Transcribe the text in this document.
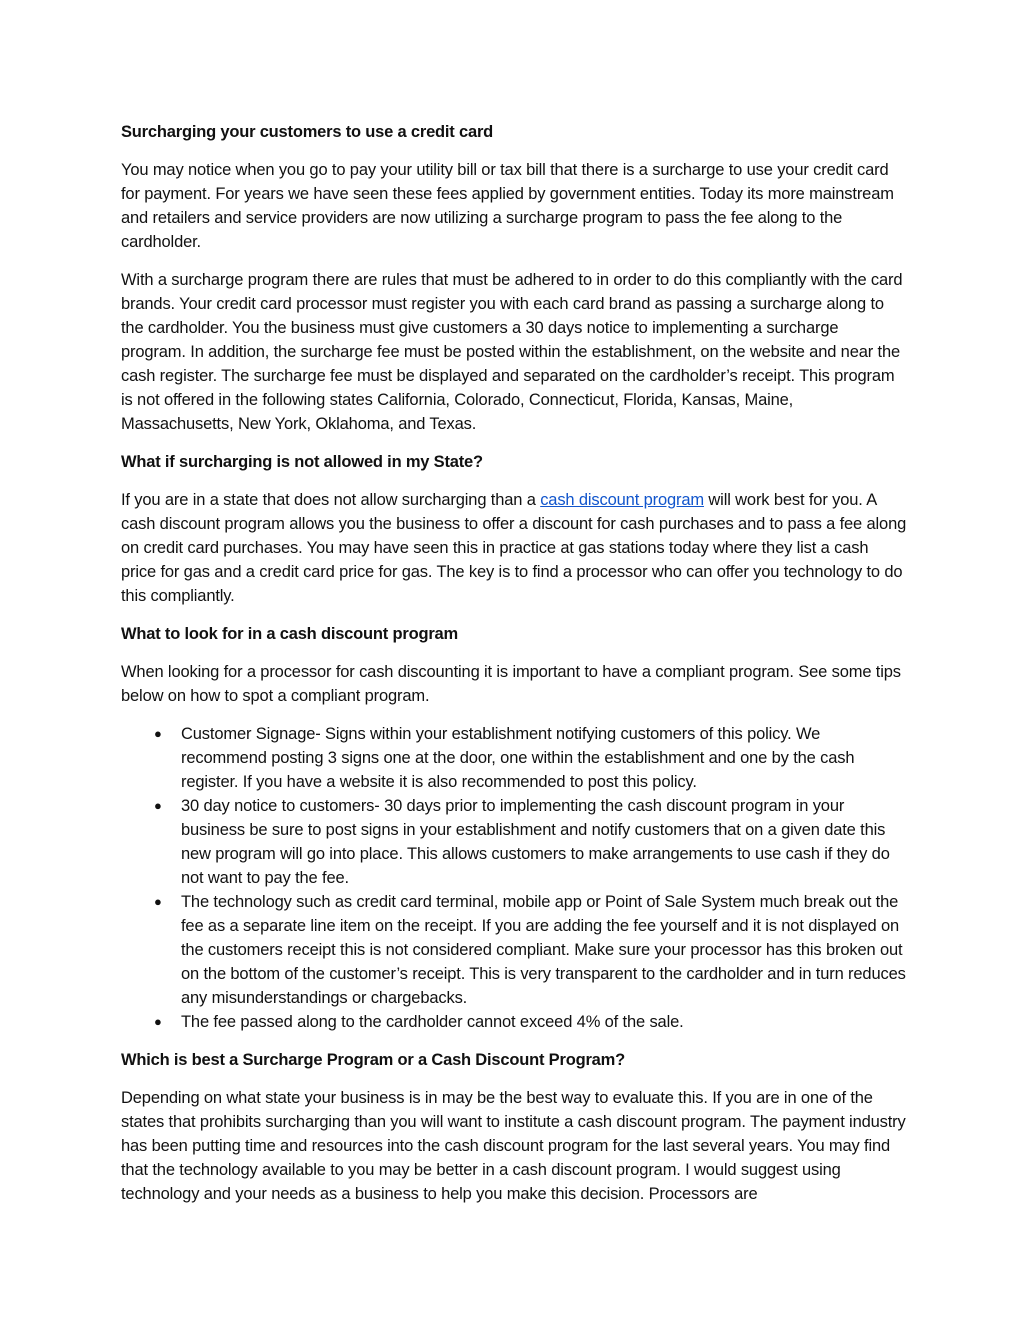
Surcharging your customers to use a credit card

You may notice when you go to pay your utility bill or tax bill that there is a surcharge to use your credit card for payment. For years we have seen these fees applied by government entities. Today its more mainstream and retailers and service providers are now utilizing a surcharge program to pass the fee along to the cardholder.

With a surcharge program there are rules that must be adhered to in order to do this compliantly with the card brands. Your credit card processor must register you with each card brand as passing a surcharge along to the cardholder. You the business must give customers a 30 days notice to implementing a surcharge program. In addition, the surcharge fee must be posted within the establishment, on the website and near the cash register. The surcharge fee must be displayed and separated on the cardholder’s receipt. This program is not offered in the following states California, Colorado, Connecticut, Florida, Kansas, Maine, Massachusetts, New York, Oklahoma, and Texas.

What if surcharging is not allowed in my State?

If you are in a state that does not allow surcharging than a cash discount program will work best for you. A cash discount program allows you the business to offer a discount for cash purchases and to pass a fee along on credit card purchases. You may have seen this in practice at gas stations today where they list a cash price for gas and a credit card price for gas. The key is to find a processor who can offer you technology to do this compliantly.

What to look for in a cash discount program

When looking for a processor for cash discounting it is important to have a compliant program. See some tips below on how to spot a compliant program.

● Customer Signage- Signs within your establishment notifying customers of this policy. We recommend posting 3 signs one at the door, one within the establishment and one by the cash register. If you have a website it is also recommended to post this policy.
● 30 day notice to customers- 30 days prior to implementing the cash discount program in your business be sure to post signs in your establishment and notify customers that on a given date this new program will go into place. This allows customers to make arrangements to use cash if they do not want to pay the fee.
● The technology such as credit card terminal, mobile app or Point of Sale System much break out the fee as a separate line item on the receipt. If you are adding the fee yourself and it is not displayed on the customers receipt this is not considered compliant. Make sure your processor has this broken out on the bottom of the customer’s receipt. This is very transparent to the cardholder and in turn reduces any misunderstandings or chargebacks.
● The fee passed along to the cardholder cannot exceed 4% of the sale.
Which is best a Surcharge Program or a Cash Discount Program?

Depending on what state your business is in may be the best way to evaluate this. If you are in one of the states that prohibits surcharging than you will want to institute a cash discount program. The payment industry has been putting time and resources into the cash discount program for the last several years. You may find that the technology available to you may be better in a cash discount program. I would suggest using technology and your needs as a business to help you make this decision. Processors are
